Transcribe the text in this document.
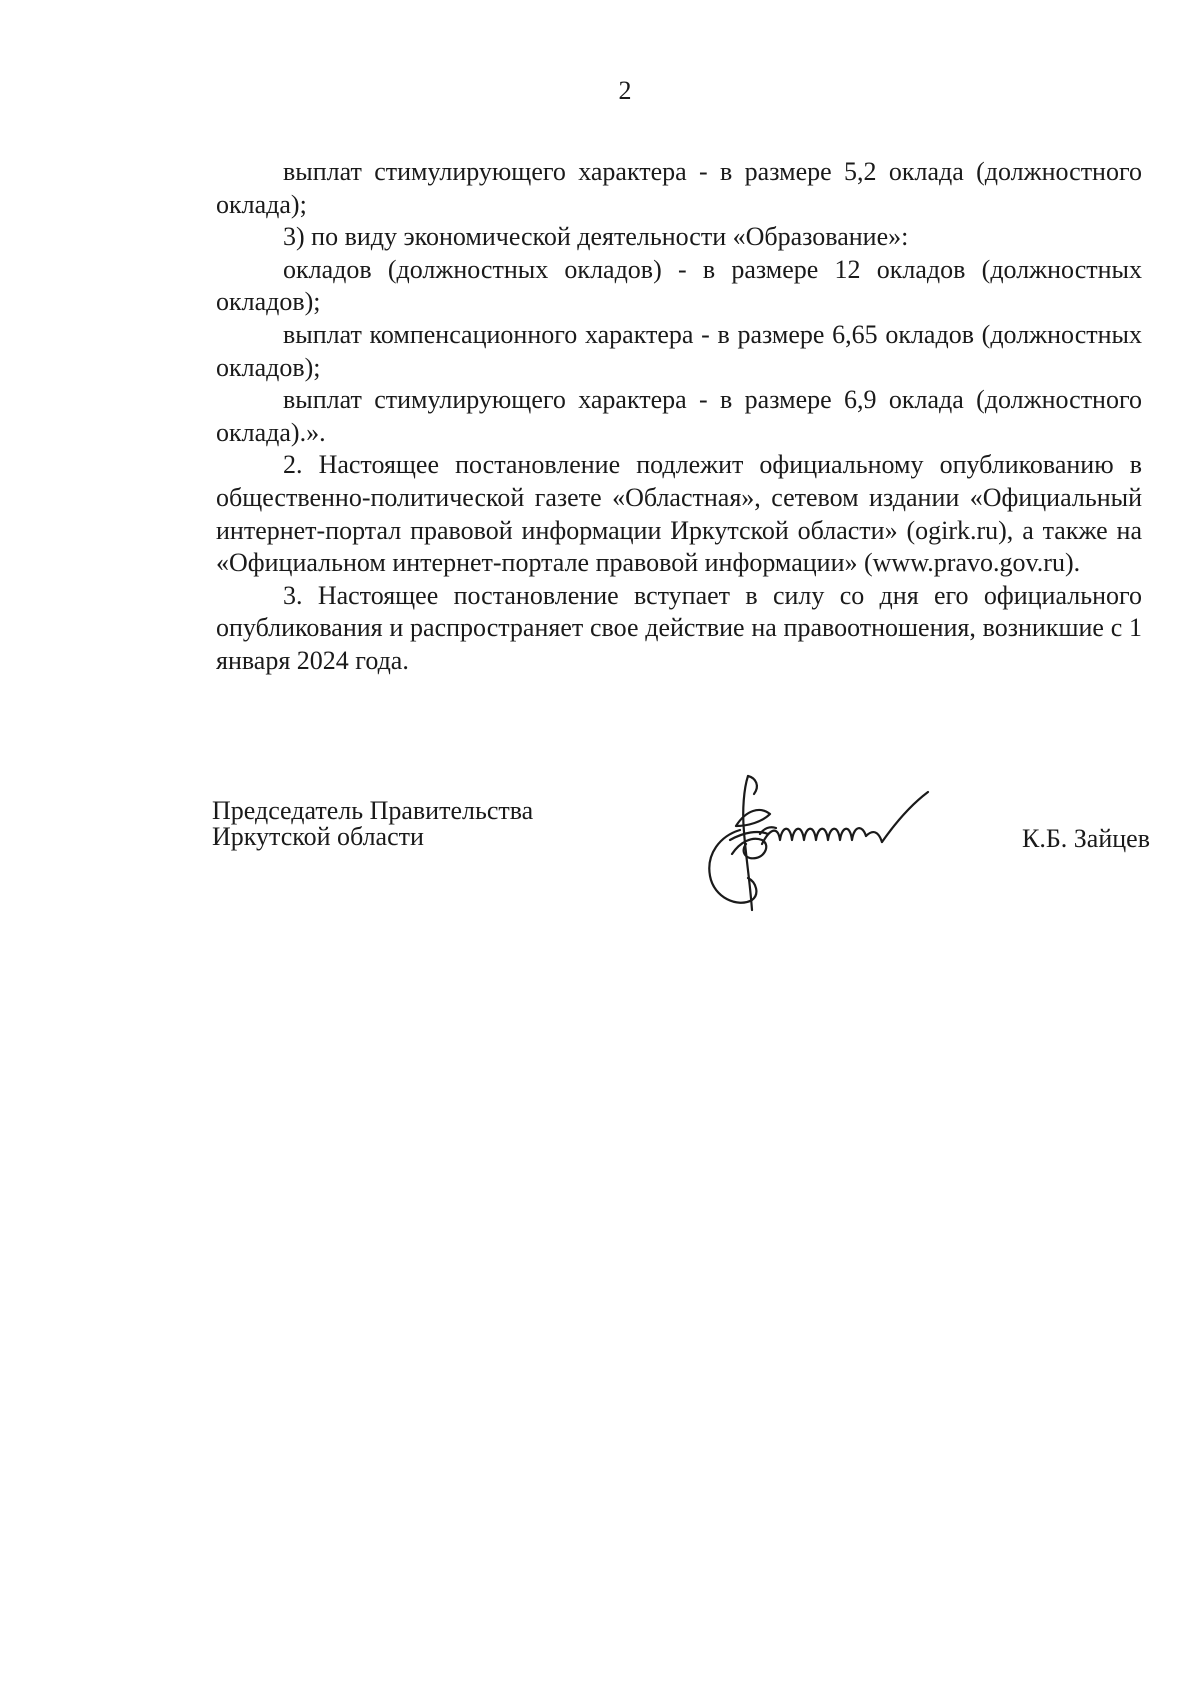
2

выплат стимулирующего характера - в размере 5,2 оклада (должностного оклада);

3) по виду экономической деятельности «Образование»:

окладов (должностных окладов) - в размере 12 окладов (должностных окладов);

выплат компенсационного характера - в размере 6,65 окладов (должностных окладов);

выплат стимулирующего характера - в размере 6,9 оклада (должностного оклада).».

2. Настоящее постановление подлежит официальному опубликованию в общественно-политической газете «Областная», сетевом издании «Официальный интернет-портал правовой информации Иркутской области» (ogirk.ru), а также на «Официальном интернет-портале правовой информации» (www.pravo.gov.ru).

3. Настоящее постановление вступает в силу со дня его официального опубликования и распространяет свое действие на правоотношения, возникшие с 1 января 2024 года.

Председатель Правительства
Иркутской области	К.Б. Зайцев
